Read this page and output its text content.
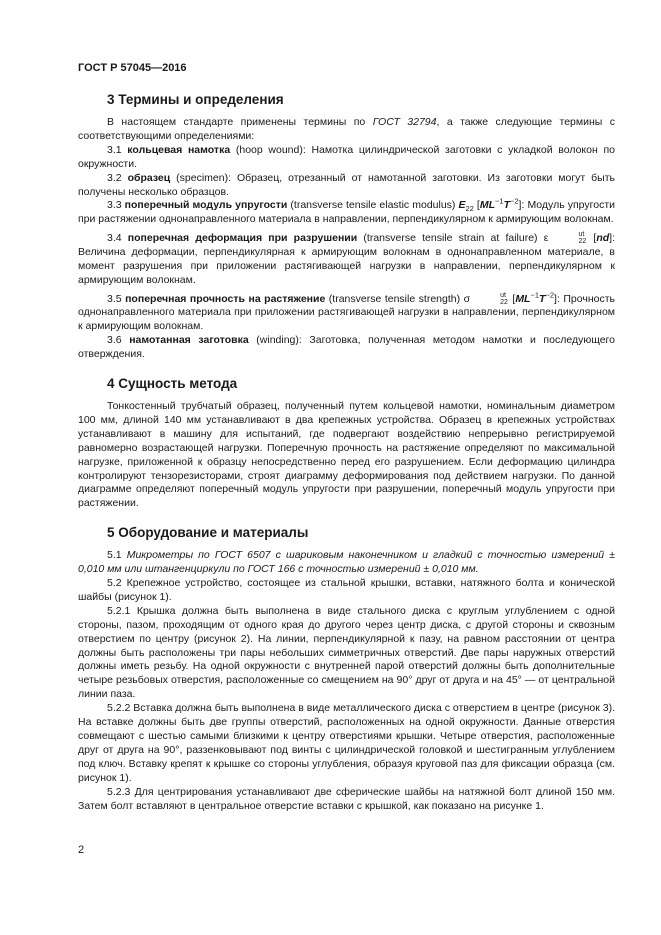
ГОСТ Р 57045—2016
3 Термины и определения

В настоящем стандарте применены термины по ГОСТ 32794, а также следующие термины с соответствующими определениями:

3.1 кольцевая намотка (hoop wound): Намотка цилиндрической заготовки с укладкой волокон по окружности.

3.2 образец (specimen): Образец, отрезанный от намотанной заготовки. Из заготовки могут быть получены несколько образцов.

3.3 поперечный модуль упругости (transverse tensile elastic modulus) $E_{22}$ $[ML^{-1}T^{-2}]$: Модуль упругости при растяжении однонаправленного материала в направлении, перпендикулярном к армирующим волокнам.

3.4 поперечная деформация при разрушении (transverse tensile strain at failure) ε	ut
22 [nd]: Величина деформации, перпендикулярная к армирующим волокнам в однонаправленном материале, в момент разрушения при приложении растягивающей нагрузки в направлении, перпендикулярном к армирующим волокнам.

3.5 поперечная прочность на растяжение (transverse tensile strength) σ	ut
22 $[ML^{-1}T^{-2}]$: Прочность однонаправленного материала при приложении растягивающей нагрузки в направлении, перпендикулярном к армирующим волокнам.

3.6 намотанная заготовка (winding): Заготовка, полученная методом намотки и последующего отверждения.

4 Сущность метода

Тонкостенный трубчатый образец, полученный путем кольцевой намотки, номинальным диаметром 100 мм, длиной 140 мм устанавливают в два крепежных устройства. Образец в крепежных устройствах устанавливают в машину для испытаний, где подвергают воздействию непрерывно регистрируемой равномерно возрастающей нагрузки. Поперечную прочность на растяжение определяют по максимальной нагрузке, приложенной к образцу непосредственно перед его разрушением. Если деформацию цилиндра контролируют тензорезисторами, строят диаграмму деформирования под действием нагрузки. По данной диаграмме определяют поперечный модуль упругости при разрушении, поперечный модуль упругости при растяжении.

5 Оборудование и материалы

5.1 Микрометры по ГОСТ 6507 с шариковым наконечником и гладкий с точностью измерений ± 0,010 мм или штангенциркули по ГОСТ 166 с точностью измерений ± 0,010 мм.

5.2 Крепежное устройство, состоящее из стальной крышки, вставки, натяжного болта и конической шайбы (рисунок 1).

5.2.1 Крышка должна быть выполнена в виде стального диска с круглым углублением с одной стороны, пазом, проходящим от одного края до другого через центр диска, с другой стороны и сквозным отверстием по центру (рисунок 2). На линии, перпендикулярной к пазу, на равном расстоянии от центра должны быть расположены три пары небольших симметричных отверстий. Две пары наружных отверстий должны иметь резьбу. На одной окружности с внутренней парой отверстий должны быть дополнительные четыре резьбовых отверстия, расположенные со смещением на 90° друг от друга и на 45° — от центральной линии паза.

5.2.2 Вставка должна быть выполнена в виде металлического диска с отверстием в центре (рисунок 3). На вставке должны быть две группы отверстий, расположенных на одной окружности. Данные отверстия совмещают с шестью самыми близкими к центру отверстиями крышки. Четыре отверстия, расположенные друг от друга на 90°, раззенковывают под винты с цилиндрической головкой и шестигранным углублением под ключ. Вставку крепят к крышке со стороны углубления, образуя круговой паз для фиксации образца (см. рисунок 1).

5.2.3 Для центрирования устанавливают две сферические шайбы на натяжной болт длиной 150 мм. Затем болт вставляют в центральное отверстие вставки с крышкой, как показано на рисунке 1.

2
